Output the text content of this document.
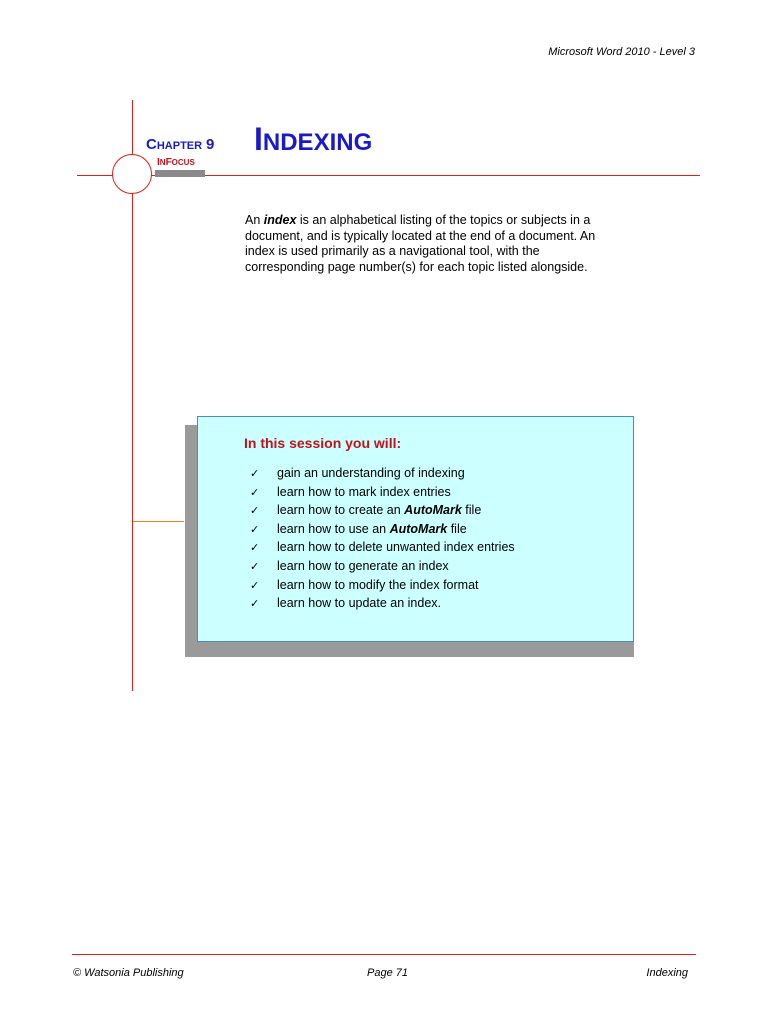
Microsoft Word 2010 - Level 3
CHAPTER 9
INFOCUS
INDEXING
An index is an alphabetical listing of the topics or subjects in a document, and is typically located at the end of a document. An index is used primarily as a navigational tool, with the corresponding page number(s) for each topic listed alongside.
In this session you will:
✓ gain an understanding of indexing
✓ learn how to mark index entries
✓ learn how to create an AutoMark file
✓ learn how to use an AutoMark file
✓ learn how to delete unwanted index entries
✓ learn how to generate an index
✓ learn how to modify the index format
✓ learn how to update an index.
© Watsonia Publishing	Page 71	Indexing
